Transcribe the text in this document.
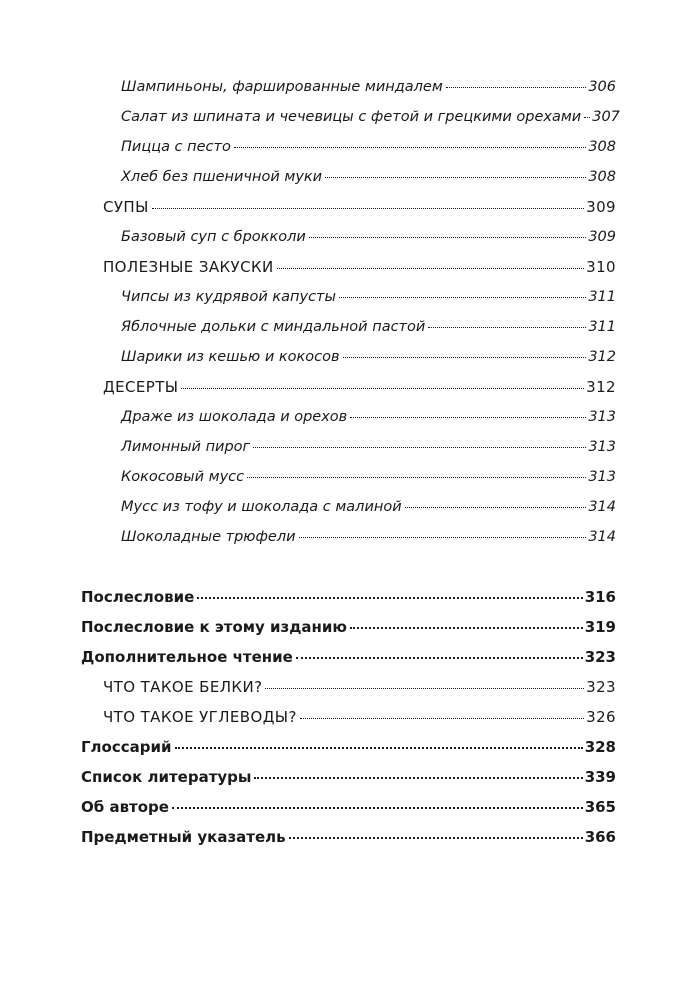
Шампиньоны, фаршированные миндалем	306
Салат из шпината и чечевицы с фетой и грецкими орехами 307
Пицца с песто	308
Хлеб без пшеничной муки	308
СУПЫ	309
Базовый суп с брокколи	309
ПОЛЕЗНЫЕ ЗАКУСКИ	310
Чипсы из кудрявой капусты	311
Яблочные дольки с миндальной пастой	311
Шарики из кешью и кокосов	312
ДЕСЕРТЫ	312
Драже из шоколада и орехов	313
Лимонный пирог	313
Кокосовый мусс	313
Мусс из тофу и шоколада с малиной	314
Шоколадные трюфели	314
Послесловие	316
Послесловие к этому изданию	319
Дополнительное чтение	323
ЧТО ТАКОЕ БЕЛКИ?	323
ЧТО ТАКОЕ УГЛЕВОДЫ?	326
Глоссарий	328
Список литературы	339
Об авторе	365
Предметный указатель	366
